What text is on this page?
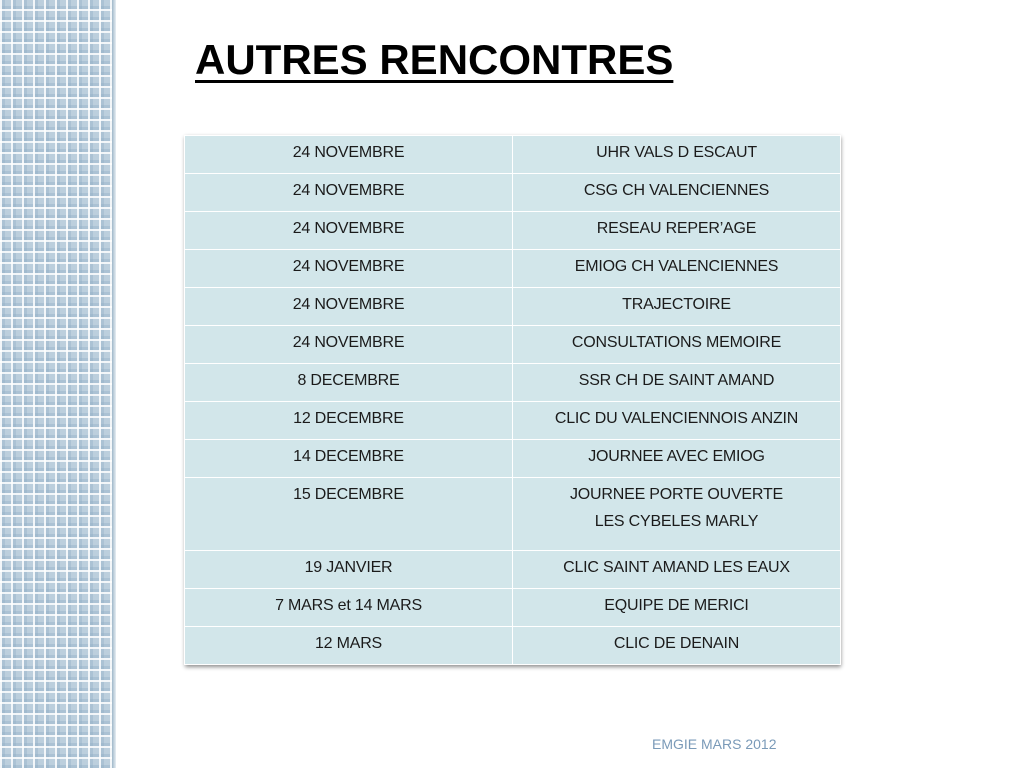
AUTRES RENCONTRES
24 NOVEMBRE	UHR VALS D ESCAUT
24 NOVEMBRE	CSG CH VALENCIENNES
24 NOVEMBRE	RESEAU REPER’AGE
24 NOVEMBRE	EMIOG CH VALENCIENNES
24 NOVEMBRE	TRAJECTOIRE
24 NOVEMBRE	CONSULTATIONS MEMOIRE
8 DECEMBRE	SSR CH DE SAINT AMAND
12 DECEMBRE	CLIC DU VALENCIENNOIS ANZIN
14 DECEMBRE	JOURNEE AVEC EMIOG
15 DECEMBRE	JOURNEE PORTE OUVERTE
LES CYBELES MARLY
19 JANVIER	CLIC SAINT AMAND LES EAUX
7 MARS et 14 MARS	EQUIPE DE MERICI
12 MARS	CLIC DE DENAIN
EMGIE MARS 2012
